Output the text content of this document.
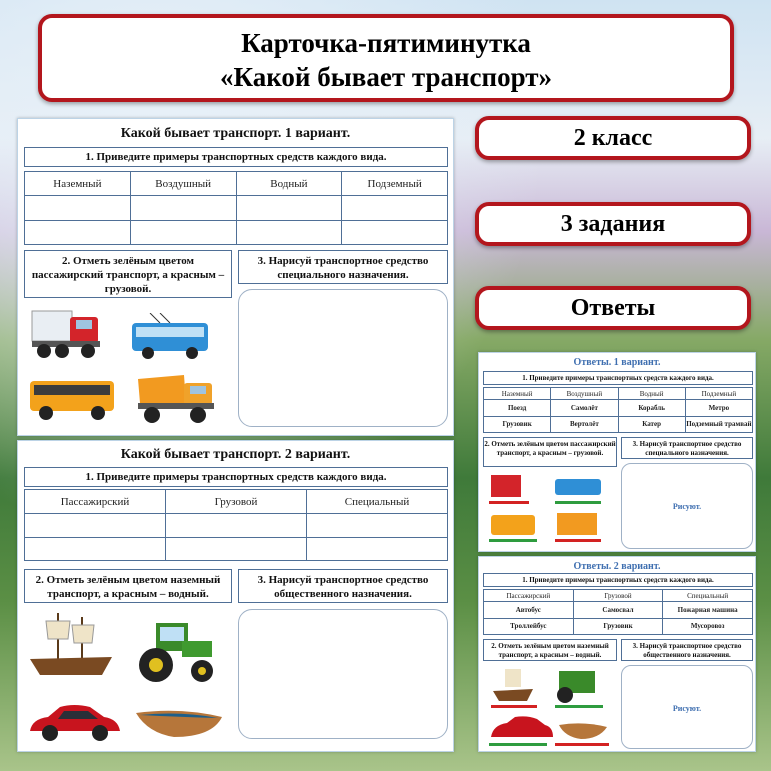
Карточка-пятиминутка
«Какой бывает транспорт»
2 класс
3 задания
Ответы
Какой бывает транспорт. 1 вариант.
1. Приведите примеры транспортных средств каждого вида.
Наземный	Воздушный	Водный	Подземный

2. Отметь зелёным цветом пассажирский транспорт, а красным – грузовой.
3. Нарисуй транспортное средство специального назначения.
Какой бывает транспорт. 2 вариант.
1. Приведите примеры транспортных средств каждого вида.
Пассажирский	Грузовой	Специальный

2. Отметь зелёным цветом наземный транспорт, а красным – водный.
3. Нарисуй транспортное средство общественного назначения.
Ответы. 1 вариант.
1. Приведите примеры транспортных средств каждого вида.
Наземный	Воздушный	Водный	Подземный
Поезд	Самолёт	Корабль	Метро
Грузовик	Вертолёт	Катер	Подземный трамвай
2. Отметь зелёным цветом пассажирский транспорт, а красным – грузовой.
3. Нарисуй транспортное средство специального назначения.
Рисуют.
Ответы. 2 вариант.
1. Приведите примеры транспортных средств каждого вида.
Пассажирский	Грузовой	Специальный
Автобус	Самосвал	Пожарная машина
Троллейбус	Грузовик	Мусоровоз
2. Отметь зелёным цветом наземный транспорт, а красным – водный.
3. Нарисуй транспортное средство общественного назначения.
Рисуют.
